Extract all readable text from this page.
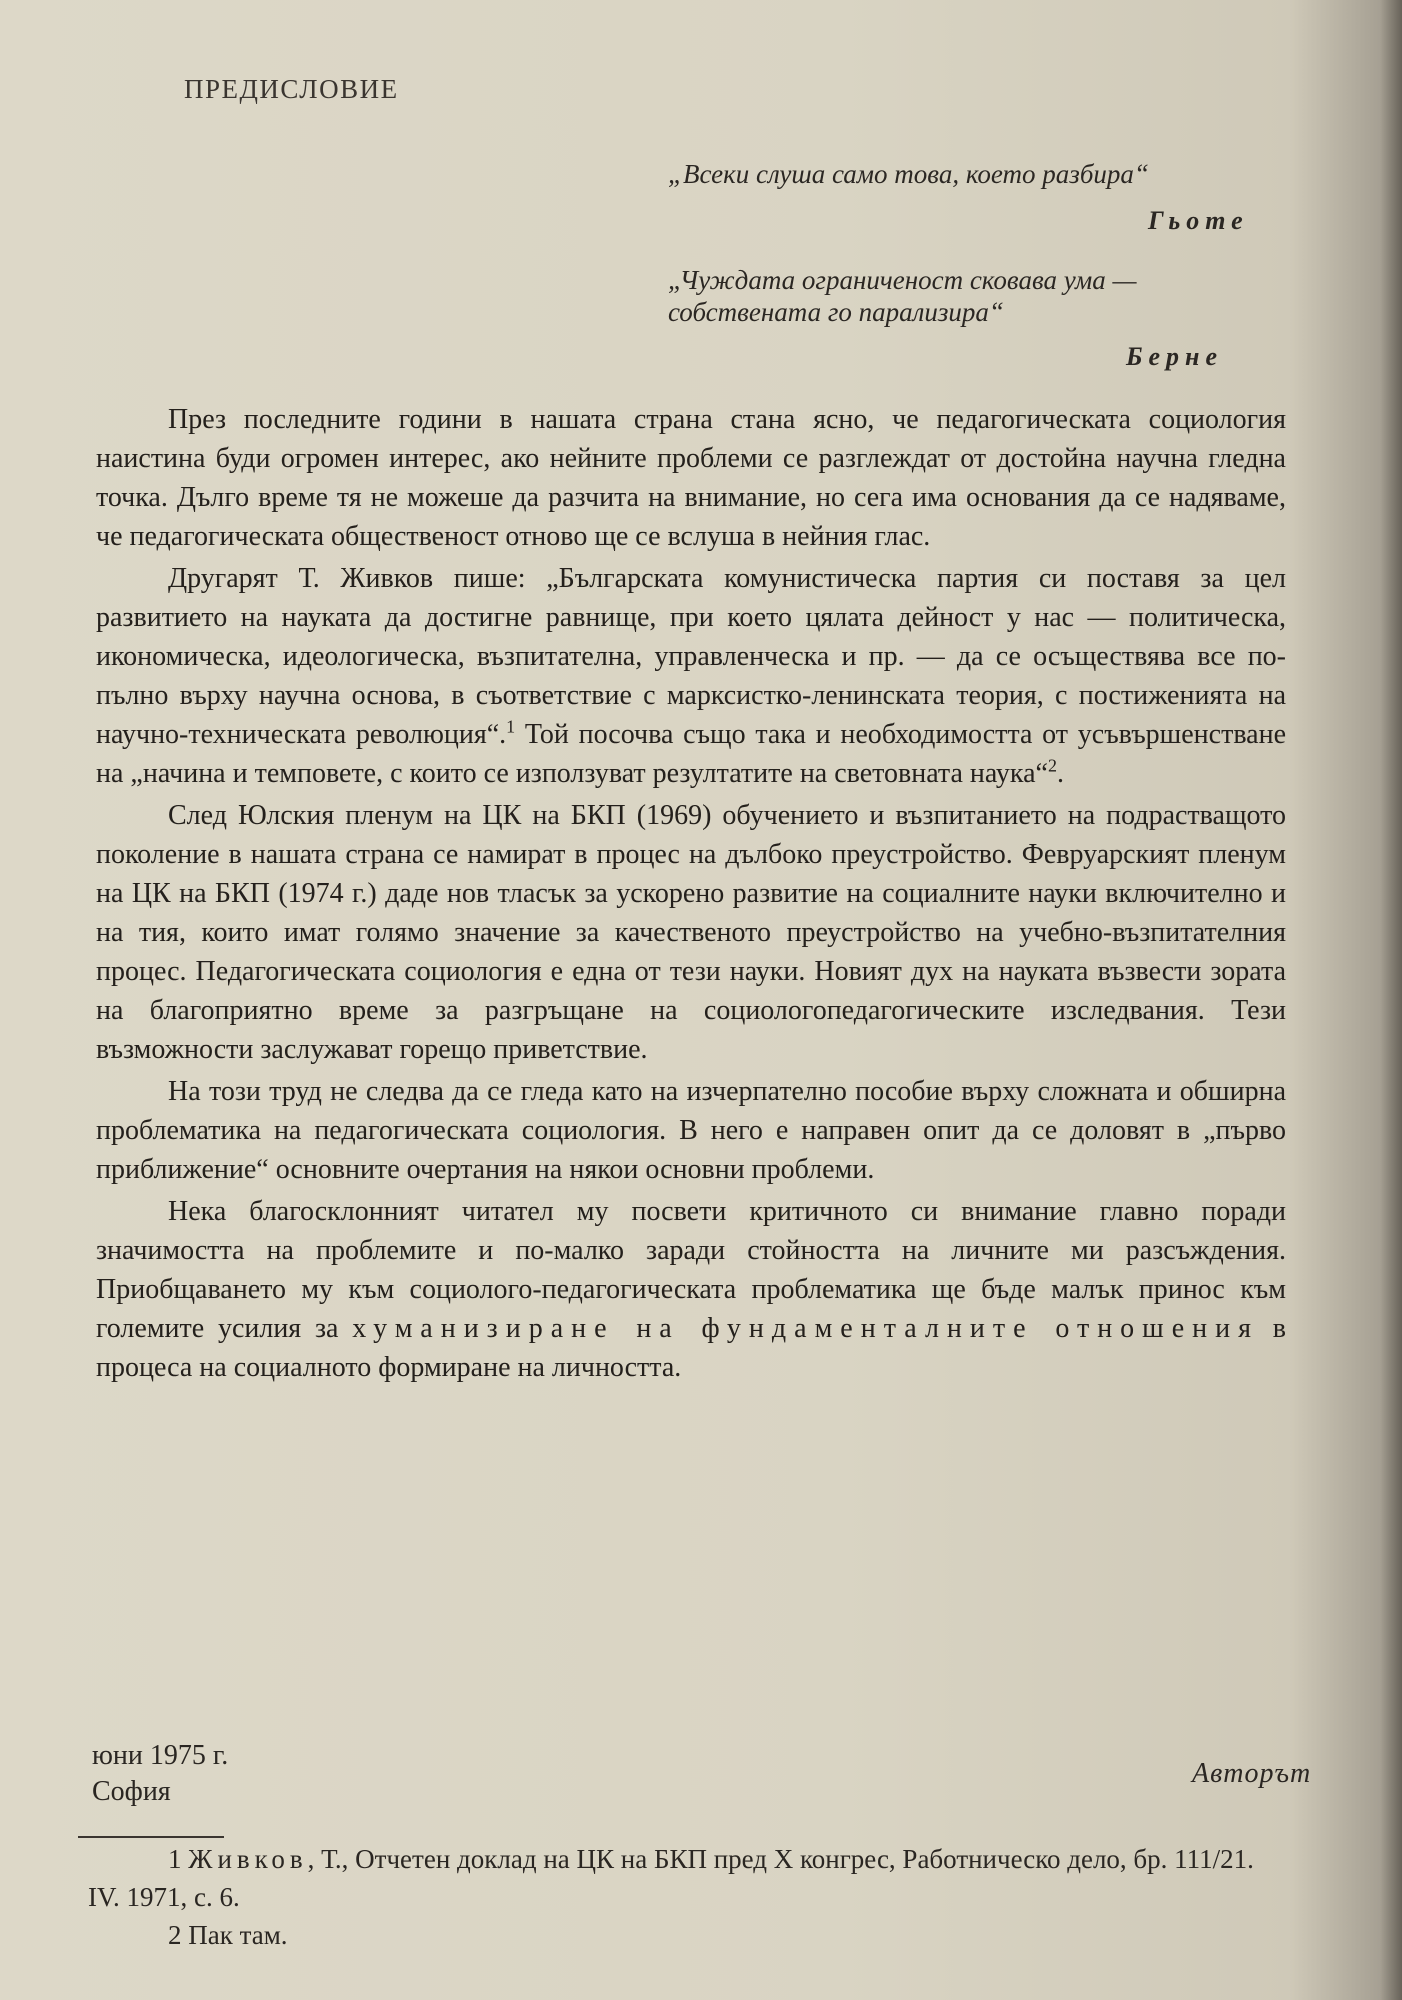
ПРЕДИСЛОВИЕ
„Всеки слуша само това, което разбира“
Гьоте
„Чуждата ограниченост сковава ума —
собствената го парализира“
Берне

През последните години в нашата страна стана ясно, че педагогическата социология наистина буди огромен интерес, ако нейните проблеми се разглеждат от достойна научна гледна точка. Дълго време тя не можеше да разчита на внимание, но сега има основания да се надяваме, че педагогическата общественост отново ще се вслуша в нейния глас.

Другарят Т. Живков пише: „Българската комунистическа партия си поставя за цел развитието на науката да достигне равнище, при което цялата дейност у нас — политическа, икономическа, идеологическа, възпитателна, управленческа и пр. — да се осъществява все по-пълно върху научна основа, в съответствие с марксистко-ленинската теория, с постиженията на научно-техническата революция“.$^1$ Той посочва също така и необходимостта от усъвършенстване на „начина и темповете, с които се използуват резултатите на световната наука“$^2$.

След Юлския пленум на ЦК на БКП (1969) обучението и възпитанието на подрастващото поколение в нашата страна се намират в процес на дълбоко преустройство. Февруарският пленум на ЦК на БКП (1974 г.) даде нов тласък за ускорено развитие на социалните науки включително и на тия, които имат голямо значение за качественото преустройство на учебно-възпитателния процес. Педагогическата социология е една от тези науки. Новият дух на науката възвести зората на благоприятно време за разгръщане на социологопедагогическите изследвания. Тези възможности заслужават горещо приветствие.

На този труд не следва да се гледа като на изчерпателно пособие върху сложната и обширна проблематика на педагогическата социология. В него е направен опит да се доловят в „първо приближение“ основните очертания на някои основни проблеми.

Нека благосклонният читател му посвети критичното си внимание главно поради значимостта на проблемите и по-малко заради стойността на личните ми разсъждения. Приобщаването му към социолого-педагогическата проблематика ще бъде малък принос към големите усилия за хуманизиране на фундаменталните отношения в процеса на социалното формиране на личността.

юни 1975 г.
София
Авторът

1 Живков, Т., Отчетен доклад на ЦК на БКП пред X конгрес, Работническо дело, бр. 111/21. IV. 1971, с. 6.

2 Пак там.
